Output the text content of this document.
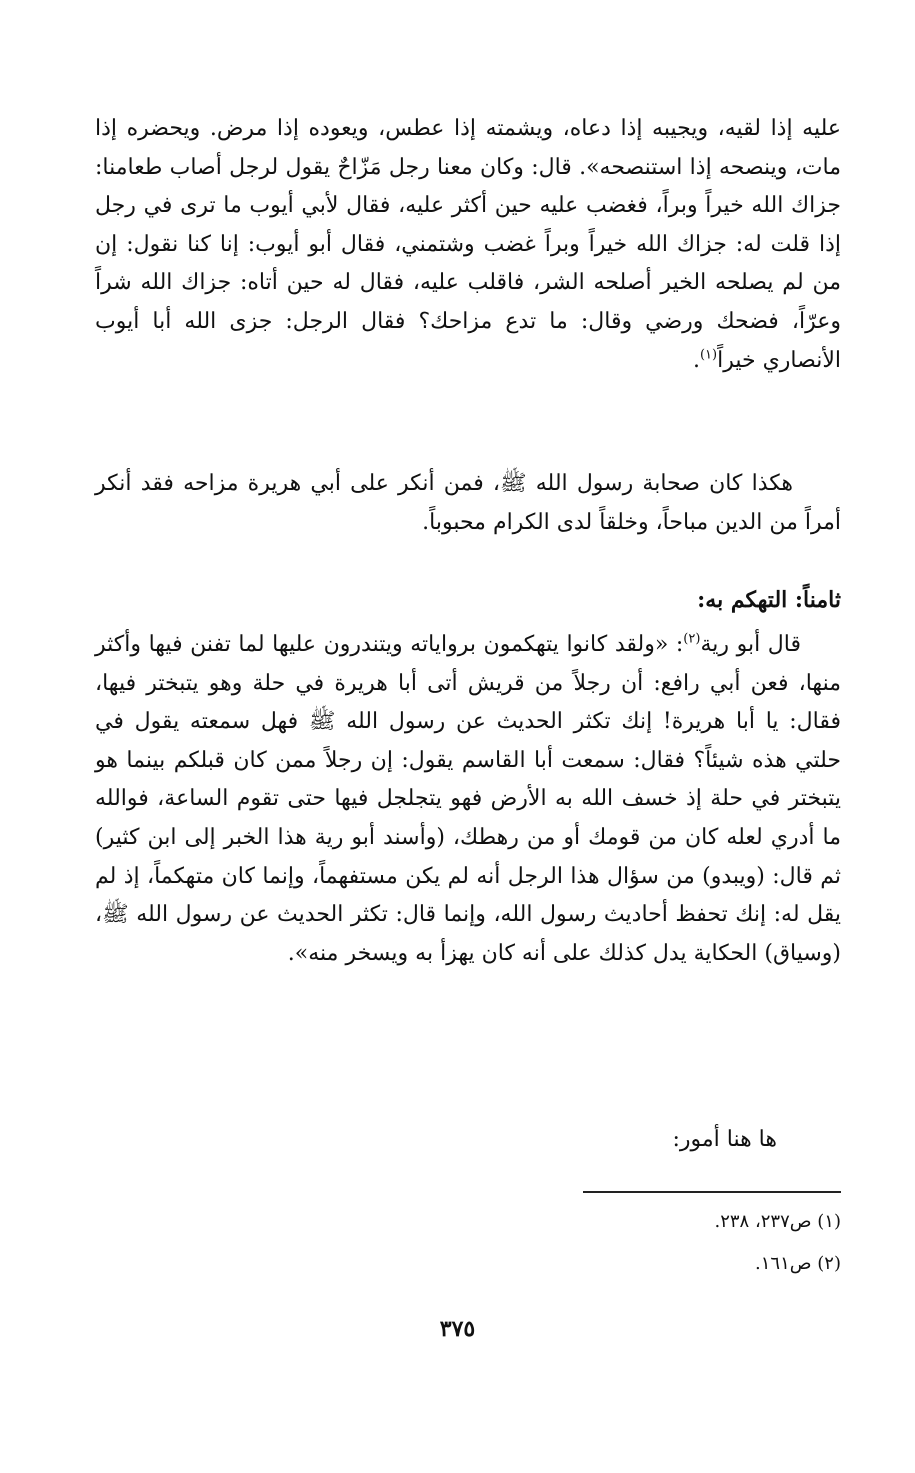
عليه إذا لقيه، ويجيبه إذا دعاه، ويشمته إذا عطس، ويعوده إذا مرض. ويحضره إذا مات، وينصحه إذا استنصحه». قال: وكان معنا رجل مَزّاحٌ يقول لرجل أصاب طعامنا: جزاك الله خيراً وبراً، فغضب عليه حين أكثر عليه، فقال لأبي أيوب ما ترى في رجل إذا قلت له: جزاك الله خيراً وبراً غضب وشتمني، فقال أبو أيوب: إنا كنا نقول: إن من لم يصلحه الخير أصلحه الشر، فاقلب عليه، فقال له حين أتاه: جزاك الله شراً وعرّاً، فضحك ورضي وقال: ما تدع مزاحك؟ فقال الرجل: جزى الله أبا أيوب الأنصاري خيراً$^{(١)}$.

هكذا كان صحابة رسول الله ﷺ، فمن أنكر على أبي هريرة مزاحه فقد أنكر أمراً من الدين مباحاً، وخلقاً لدى الكرام محبوباً.

ثامناً: التهكم به:

قال أبو رية$^{(٢)}$: «ولقد كانوا يتهكمون برواياته ويتندرون عليها لما تفنن فيها وأكثر منها، فعن أبي رافع: أن رجلاً من قريش أتى أبا هريرة في حلة وهو يتبختر فيها، فقال: يا أبا هريرة! إنك تكثر الحديث عن رسول الله ﷺ فهل سمعته يقول في حلتي هذه شيئاً؟ فقال: سمعت أبا القاسم يقول: إن رجلاً ممن كان قبلكم بينما هو يتبختر في حلة إذ خسف الله به الأرض فهو يتجلجل فيها حتى تقوم الساعة، فوالله ما أدري لعله كان من قومك أو من رهطك، (وأسند أبو رية هذا الخبر إلى ابن كثير) ثم قال: (ويبدو) من سؤال هذا الرجل أنه لم يكن مستفهماً، وإنما كان متهكماً، إذ لم يقل له: إنك تحفظ أحاديث رسول الله، وإنما قال: تكثر الحديث عن رسول الله ﷺ، (وسياق) الحكاية يدل كذلك على أنه كان يهزأ به ويسخر منه».

ها هنا أمور:

(١) ص٢٣٧، ٢٣٨.

(٢) ص١٦١.

٣٧٥
